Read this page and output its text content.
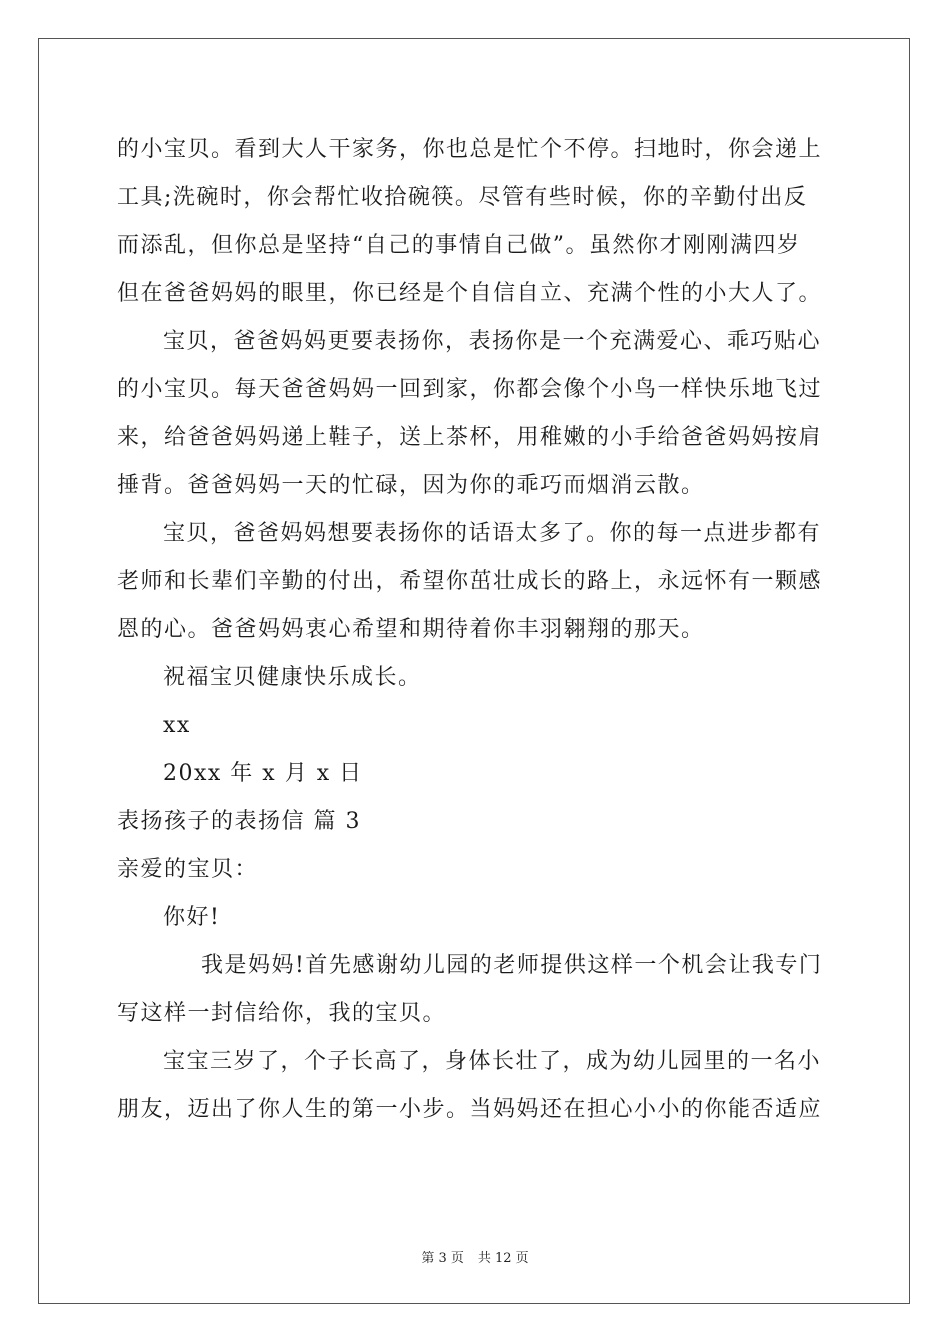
的小宝贝。看到大人干家务，你也总是忙个不停。扫地时，你会递上
工具;洗碗时，你会帮忙收拾碗筷。尽管有些时候，你的辛勤付出反
而添乱，但你总是坚持“自己的事情自己做”。虽然你才刚刚满四岁
但在爸爸妈妈的眼里，你已经是个自信自立、充满个性的小大人了。
宝贝，爸爸妈妈更要表扬你，表扬你是一个充满爱心、乖巧贴心
的小宝贝。每天爸爸妈妈一回到家，你都会像个小鸟一样快乐地飞过
来，给爸爸妈妈递上鞋子，送上茶杯，用稚嫩的小手给爸爸妈妈按肩
捶背。爸爸妈妈一天的忙碌，因为你的乖巧而烟消云散。
宝贝，爸爸妈妈想要表扬你的话语太多了。你的每一点进步都有
老师和长辈们辛勤的付出，希望你茁壮成长的路上，永远怀有一颗感
恩的心。爸爸妈妈衷心希望和期待着你丰羽翱翔的那天。
祝福宝贝健康快乐成长。
xx
20xx 年 x 月 x 日
表扬孩子的表扬信 篇 3
亲爱的宝贝：
你好!
我是妈妈!首先感谢幼儿园的老师提供这样一个机会让我专门
写这样一封信给你，我的宝贝。
宝宝三岁了，个子长高了，身体长壮了，成为幼儿园里的一名小
朋友，迈出了你人生的第一小步。当妈妈还在担心小小的你能否适应
第 3 页 共 12 页
